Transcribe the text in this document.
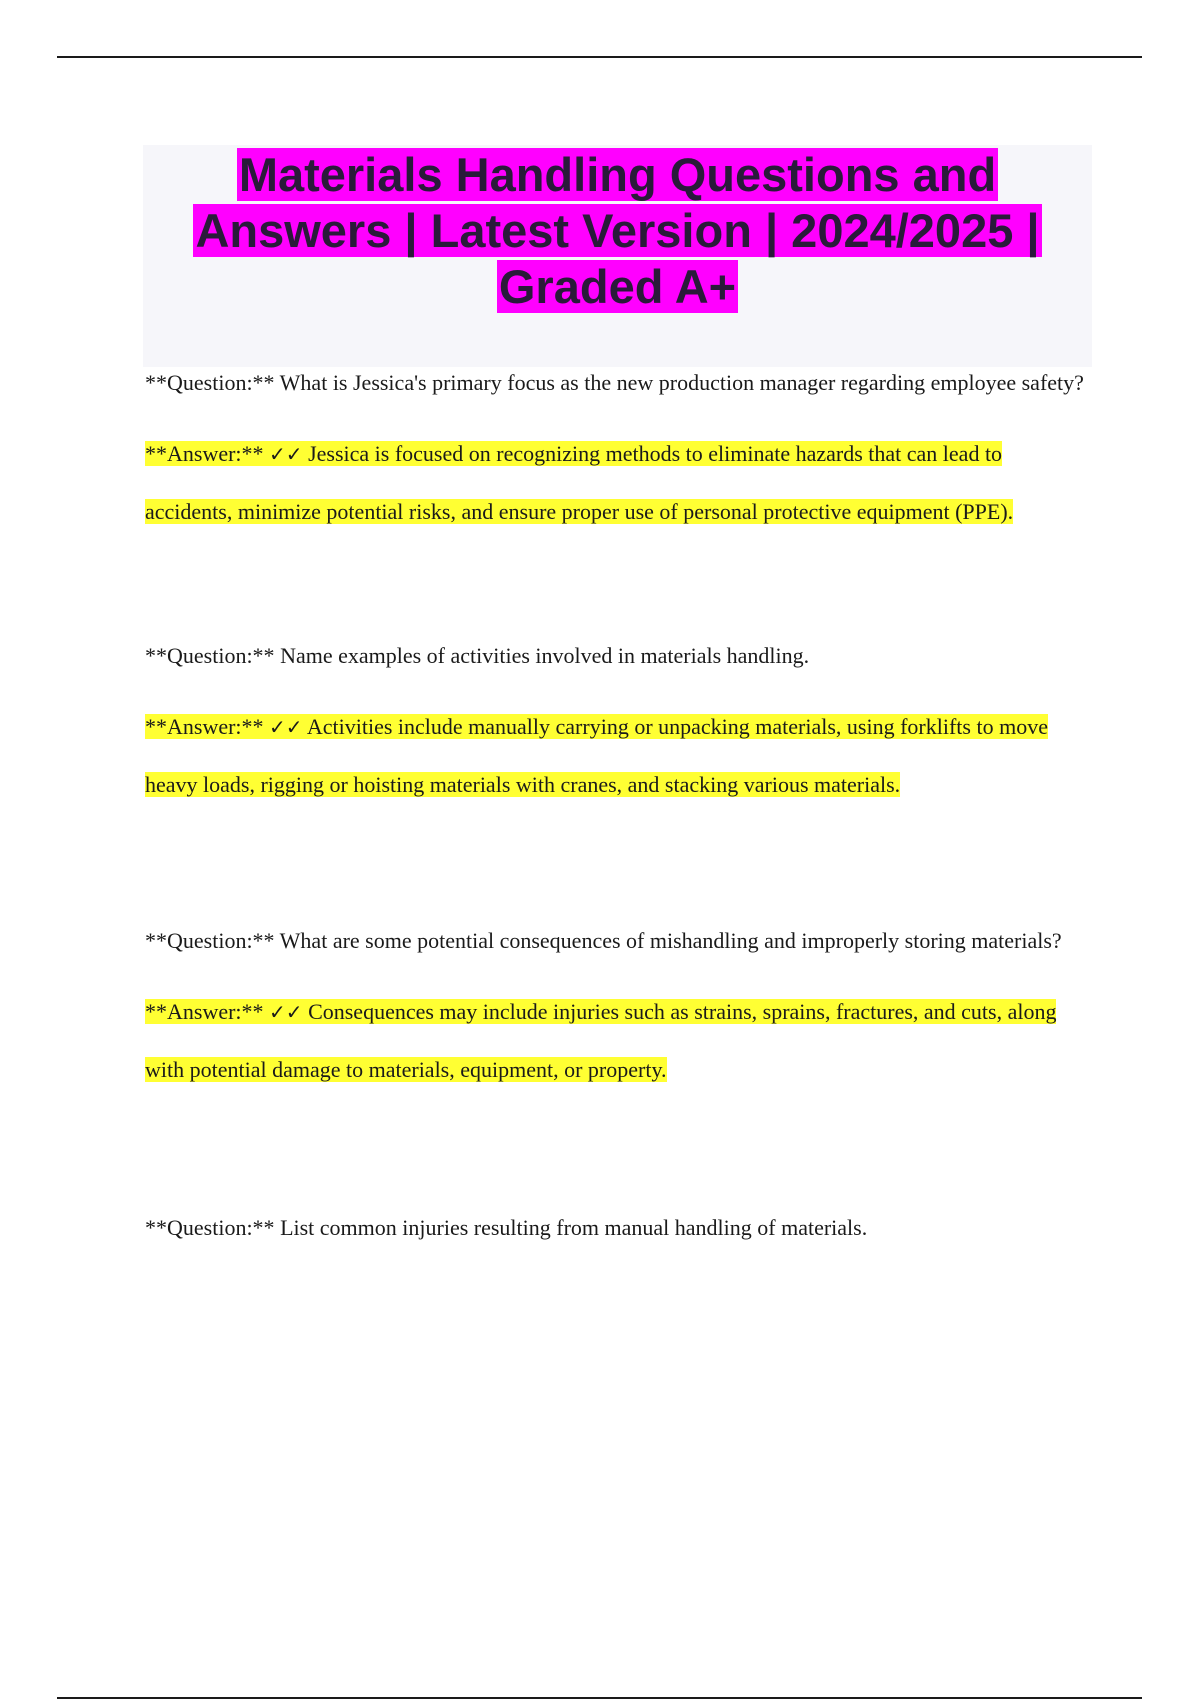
Materials Handling Questions and Answers | Latest Version | 2024/2025 | Graded A+

**Question:** What is Jessica's primary focus as the new production manager regarding employee safety?

**Answer:** ✓✓ Jessica is focused on recognizing methods to eliminate hazards that can lead to accidents, minimize potential risks, and ensure proper use of personal protective equipment (PPE).

**Question:** Name examples of activities involved in materials handling.

**Answer:** ✓✓ Activities include manually carrying or unpacking materials, using forklifts to move heavy loads, rigging or hoisting materials with cranes, and stacking various materials.

**Question:** What are some potential consequences of mishandling and improperly storing materials?

**Answer:** ✓✓ Consequences may include injuries such as strains, sprains, fractures, and cuts, along with potential damage to materials, equipment, or property.

**Question:** List common injuries resulting from manual handling of materials.
